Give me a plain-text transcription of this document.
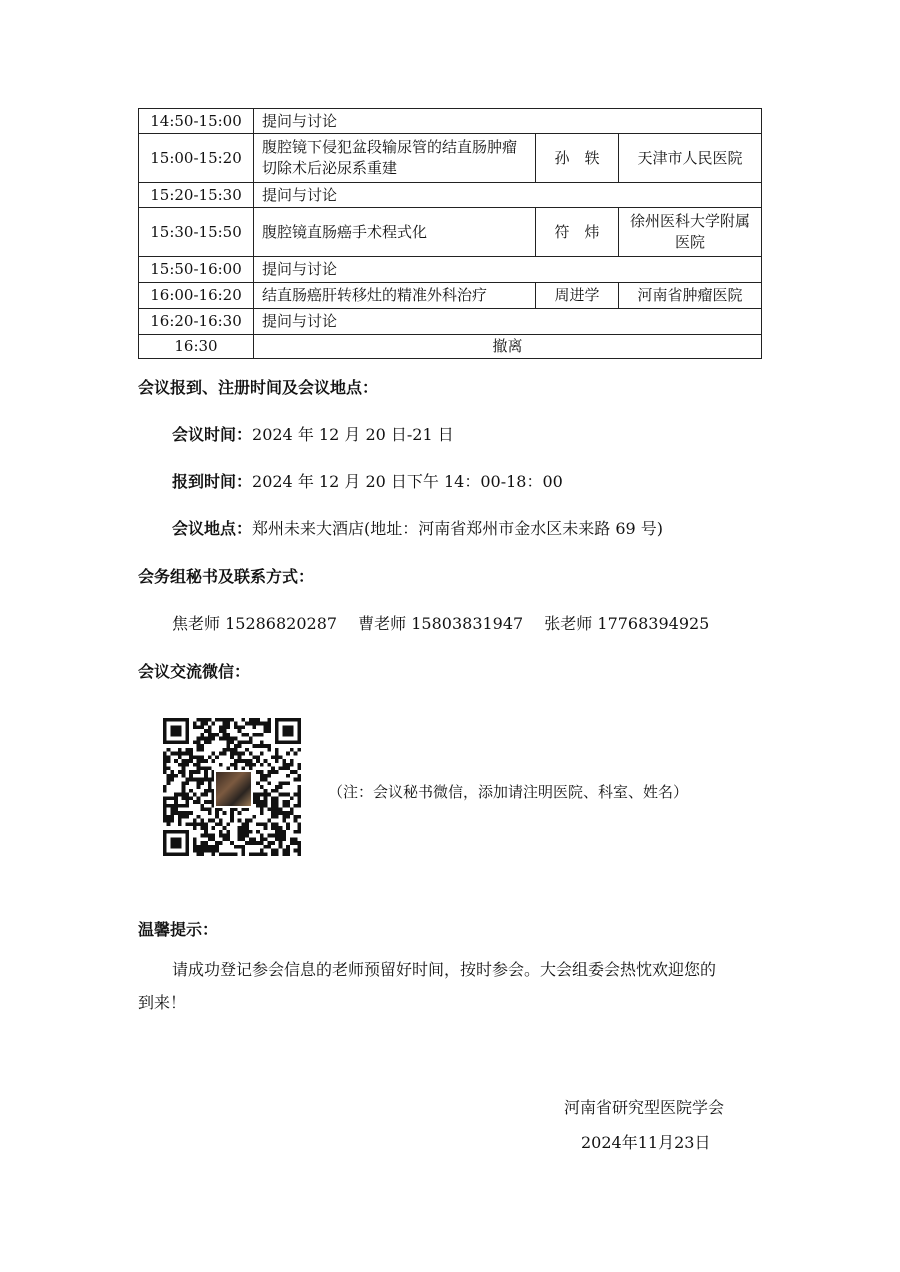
14:50-15:00	提问与讨论		
15:00-15:20	腹腔镜下侵犯盆段输尿管的结直肠肿瘤切除术后泌尿系重建	孙　轶	天津市人民医院
15:20-15:30	提问与讨论		
15:30-15:50	腹腔镜直肠癌手术程式化	符　炜	徐州医科大学附属医院
15:50-16:00	提问与讨论		
16:00-16:20	结直肠癌肝转移灶的精准外科治疗	周进学	河南省肿瘤医院
16:20-16:30	提问与讨论		
16:30	撤离		
会议报到、注册时间及会议地点：
会议时间：2024 年 12 月 20 日-21 日
报到时间：2024 年 12 月 20 日下午 14：00-18：00
会议地点：郑州未来大酒店(地址：河南省郑州市金水区未来路 69 号)
会务组秘书及联系方式：
焦老师 15286820287　 曹老师 15803831947　 张老师 17768394925
会议交流微信：
（注：会议秘书微信，添加请注明医院、科室、姓名）
温馨提示：
请成功登记参会信息的老师预留好时间，按时参会。大会组委会热忱欢迎您的
到来！
河南省研究型医院学会
2024年11月23日
